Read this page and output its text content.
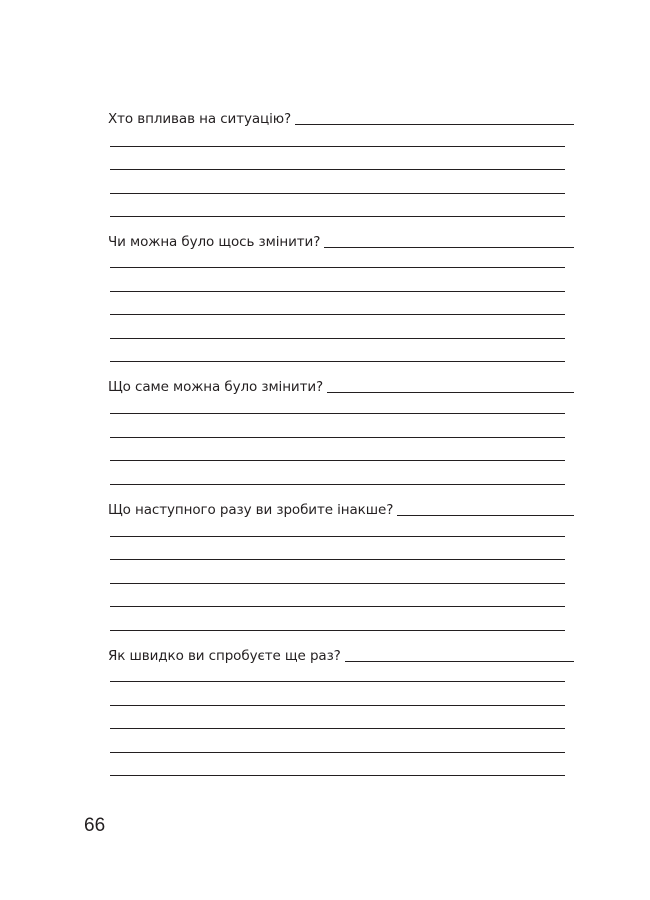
Хто впливав на ситуацію?
Чи можна було щось змінити?
Що саме можна було змінити?
Що наступного разу ви зробите інакше?
Як швидко ви спробуєте ще раз?
66
